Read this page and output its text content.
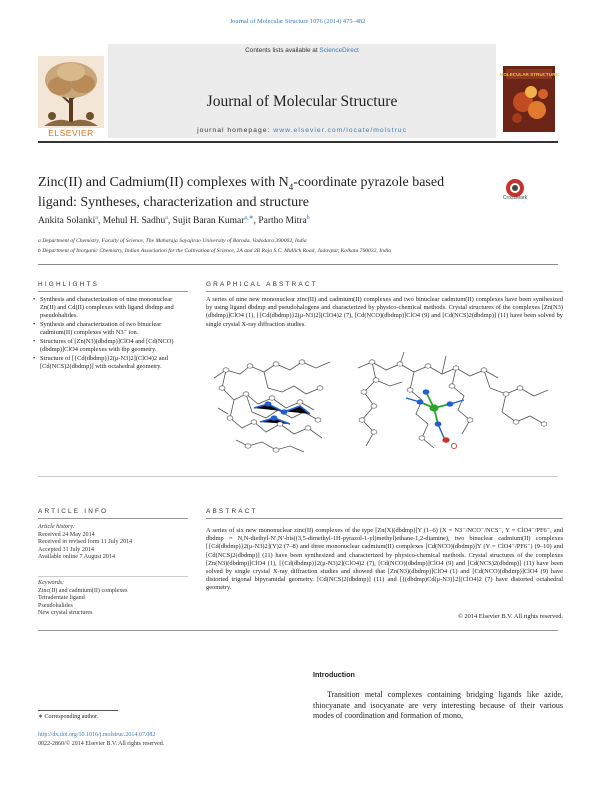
Journal of Molecular Structure 1076 (2014) 475–482
Contents lists available at ScienceDirect
Journal of Molecular Structure
journal homepage: www.elsevier.com/locate/molstruc
ELSEVIER
MOLECULAR STRUCTURE
Zinc(II) and Cadmium(II) complexes with $N_4$-coordinate pyrazole based
ligand: Syntheses, characterization and structure	CrossMark
Ankita Solanki$^a$, Mehul H. Sadhu$^a$, Sujit Baran Kumar$^{a,∗}$, Partho Mitra$^b$
a Department of Chemistry, Faculty of Science, The Maharaja Sayajirao University of Baroda, Vadodara 390002, India
b Department of Inorganic Chemistry, Indian Association for the Cultivation of Science, 2A and 2B Raja S.C. Mullick Road, Jadavpur, Kolkata 700032, India
HIGHLIGHTS
• Synthesis and characterization of nine mononuclear Zn(II) and Cd(II) complexes with ligand dbdmp and pseudohalides.
• Synthesis and characterization of two binuclear cadmium(II) complexes with N3⁻ ion.
• Structures of [Zn(N3)(dbdmp)]ClO4 and [Cd(NCO)(dbdmp)]ClO4 complexes with tbp geometry.
• Structure of [{Cd(dbdmp)}2(μ-N3)2](ClO4)2 and [Cd(NCS)2(dbdmp)] with octahedral geometry.
GRAPHICAL ABSTRACT
A series of nine new mononuclear zinc(II) and cadmium(II) complexes and two binuclear cadmium(II) complexes have been synthesized by using ligand dbdmp and pseudohalogens and characterized by physico-chemical methods. Crystal structures of the complexes [Zn(N3)(dbdmp)]ClO4 (1), [{Cd(dbdmp)}2(μ-N3)2](ClO4)2 (7), [Cd(NCO)(dbdmp)]ClO4 (9) and [Cd(NCS)2(dbdmp)] (11) have been solved by single crystal X-ray diffraction studies.
ARTICLE INFO
Article history:
Received 24 May 2014
Received in revised form 11 July 2014
Accepted 31 July 2014
Available online 7 August 2014
Keywords:
Zinc(II) and cadmium(II) complexes
Tetradentate ligand
Pseudohalides
New crystal structures
ABSTRACT
A series of six new mononuclear zinc(II) complexes of the type [Zn(X)(dbdmp)]Y (1–6) (X = N3⁻/NCO⁻/NCS⁻, Y = ClO4⁻/PF6⁻, and dbdmp = N,N-diethyl-N′,N′-bis((3,5-dimethyl-1H-pyrazol-1-yl)methyl)ethane-1,2-diamine), two binuclear cadmium(II) complexes [{Cd(dbdmp)}2(μ-N3)2](Y)2 (7–8) and three mononuclear cadmium(II) complexes [Cd(NCO)(dbdmp)]Y (Y = ClO4⁻/PF6⁻) (9–10) and [Cd(NCS)2(dbdmp)] (11) have been synthesized and characterized by physico-chemical methods. Crystal structures of the complexes [Zn(N3)(dbdmp)]ClO4 (1), [{Cd(dbdmp)}2(μ-N3)2](ClO4)2 (7), [Cd(NCO)(dbdmp)]ClO4 (9) and [Cd(NCS)2(dbdmp)] (11) have been solved by single crystal X-ray diffraction studies and showed that [Zn(N3)(dbdmp)]ClO4 (1) and [Cd(NCO)(dbdmp)]ClO4 (9) have distorted trigonal bipyramidal geometry. [Cd(NCS)2(dbdmp)] (11) and [{(dbdmp)Cd(μ-N3)}2](ClO4)2 (7) have distorted octahedral geometry.
© 2014 Elsevier B.V. All rights reserved.
Introduction
Transition metal complexes containing bridging ligands like azide, thiocyanate and isocyanate are very interesting because of their various modes of coordination and formation of mono,
∗ Corresponding author.
http://dx.doi.org/10.1016/j.molstruc.2014.07.082
0022-2860/© 2014 Elsevier B.V. All rights reserved.
